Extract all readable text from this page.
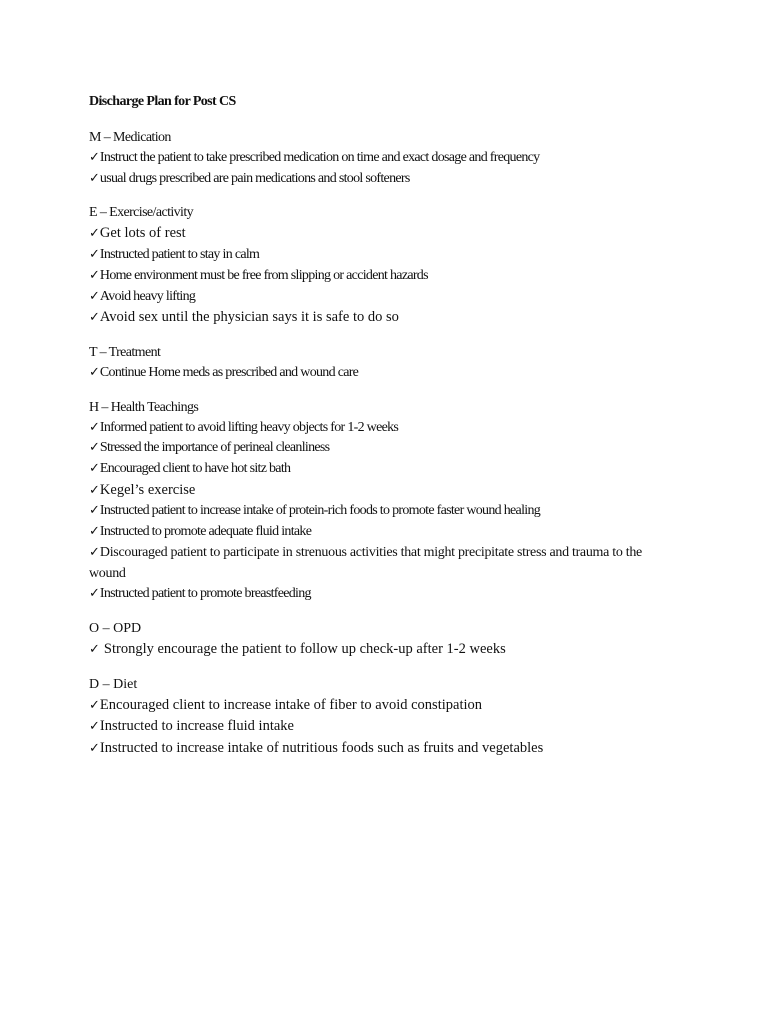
Discharge Plan for Post CS
M – Medication
✓Instruct the patient to take prescribed medication on time and exact dosage and frequency
✓usual drugs prescribed are pain medications and stool softeners
E – Exercise/activity
✓Get lots of rest
✓Instructed patient to stay in calm
✓Home environment must be free from slipping or accident hazards
✓Avoid heavy lifting
✓Avoid sex until the physician says it is safe to do so
T – Treatment
✓Continue Home meds as prescribed and wound care
H – Health Teachings
✓Informed patient to avoid lifting heavy objects for 1-2 weeks
✓Stressed the importance of perineal cleanliness
✓Encouraged client to have hot sitz bath
✓Kegel’s exercise
✓Instructed patient to increase intake of protein-rich foods to promote faster wound healing
✓Instructed to promote adequate fluid intake
✓Discouraged patient to participate in strenuous activities that might precipitate stress and trauma to the wound
✓Instructed patient to promote breastfeeding
O – OPD
✓ Strongly encourage the patient to follow up check-up after 1-2 weeks
D – Diet
✓Encouraged client to increase intake of fiber to avoid constipation
✓Instructed to increase fluid intake
✓Instructed to increase intake of nutritious foods such as fruits and vegetables
